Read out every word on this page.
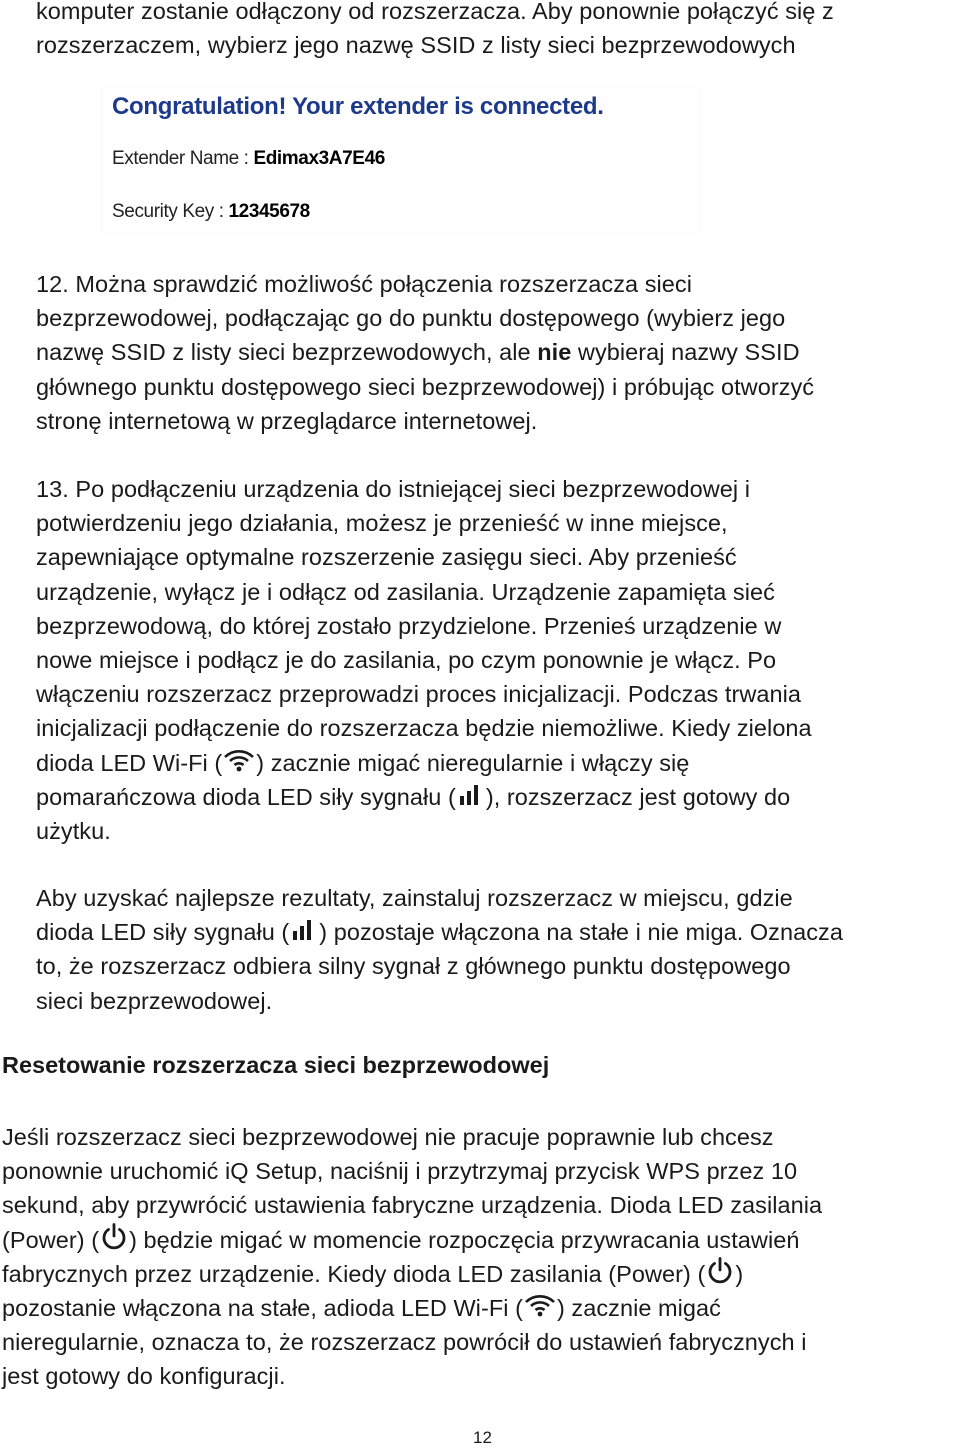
komputer zostanie odłączony od rozszerzacza. Aby ponownie połączyć się z
rozszerzaczem, wybierz jego nazwę SSID z listy sieci bezprzewodowych
Congratulation! Your extender is connected.
Extender Name : Edimax3A7E46
Security Key : 12345678
12. Można sprawdzić możliwość połączenia rozszerzacza sieci
bezprzewodowej, podłączając go do punktu dostępowego (wybierz jego
nazwę SSID z listy sieci bezprzewodowych, ale nie wybieraj nazwy SSID
głównego punktu dostępowego sieci bezprzewodowej) i próbując otworzyć
stronę internetową w przeglądarce internetowej.
13. Po podłączeniu urządzenia do istniejącej sieci bezprzewodowej i
potwierdzeniu jego działania, możesz je przenieść w inne miejsce,
zapewniające optymalne rozszerzenie zasięgu sieci. Aby przenieść
urządzenie, wyłącz je i odłącz od zasilania. Urządzenie zapamięta sieć
bezprzewodową, do której zostało przydzielone. Przenieś urządzenie w
nowe miejsce i podłącz je do zasilania, po czym ponownie je włącz. Po
włączeniu rozszerzacz przeprowadzi proces inicjalizacji. Podczas trwania
inicjalizacji podłączenie do rozszerzacza będzie niemożliwe. Kiedy zielona
dioda LED Wi-Fi ( ) zacznie migać nieregularnie i włączy się
pomarańczowa dioda LED siły sygnału ( ), rozszerzacz jest gotowy do
użytku.
Aby uzyskać najlepsze rezultaty, zainstaluj rozszerzacz w miejscu, gdzie
dioda LED siły sygnału ( ) pozostaje włączona na stałe i nie miga. Oznacza
to, że rozszerzacz odbiera silny sygnał z głównego punktu dostępowego
sieci bezprzewodowej.
Resetowanie rozszerzacza sieci bezprzewodowej
Jeśli rozszerzacz sieci bezprzewodowej nie pracuje poprawnie lub chcesz
ponownie uruchomić iQ Setup, naciśnij i przytrzymaj przycisk WPS przez 10
sekund, aby przywrócić ustawienia fabryczne urządzenia. Dioda LED zasilania
(Power) ( ) będzie migać w momencie rozpoczęcia przywracania ustawień
fabrycznych przez urządzenie. Kiedy dioda LED zasilania (Power) ( )
pozostanie włączona na stałe, adioda LED Wi-Fi ( ) zacznie migać
nieregularnie, oznacza to, że rozszerzacz powrócił do ustawień fabrycznych i
jest gotowy do konfiguracji.
12
